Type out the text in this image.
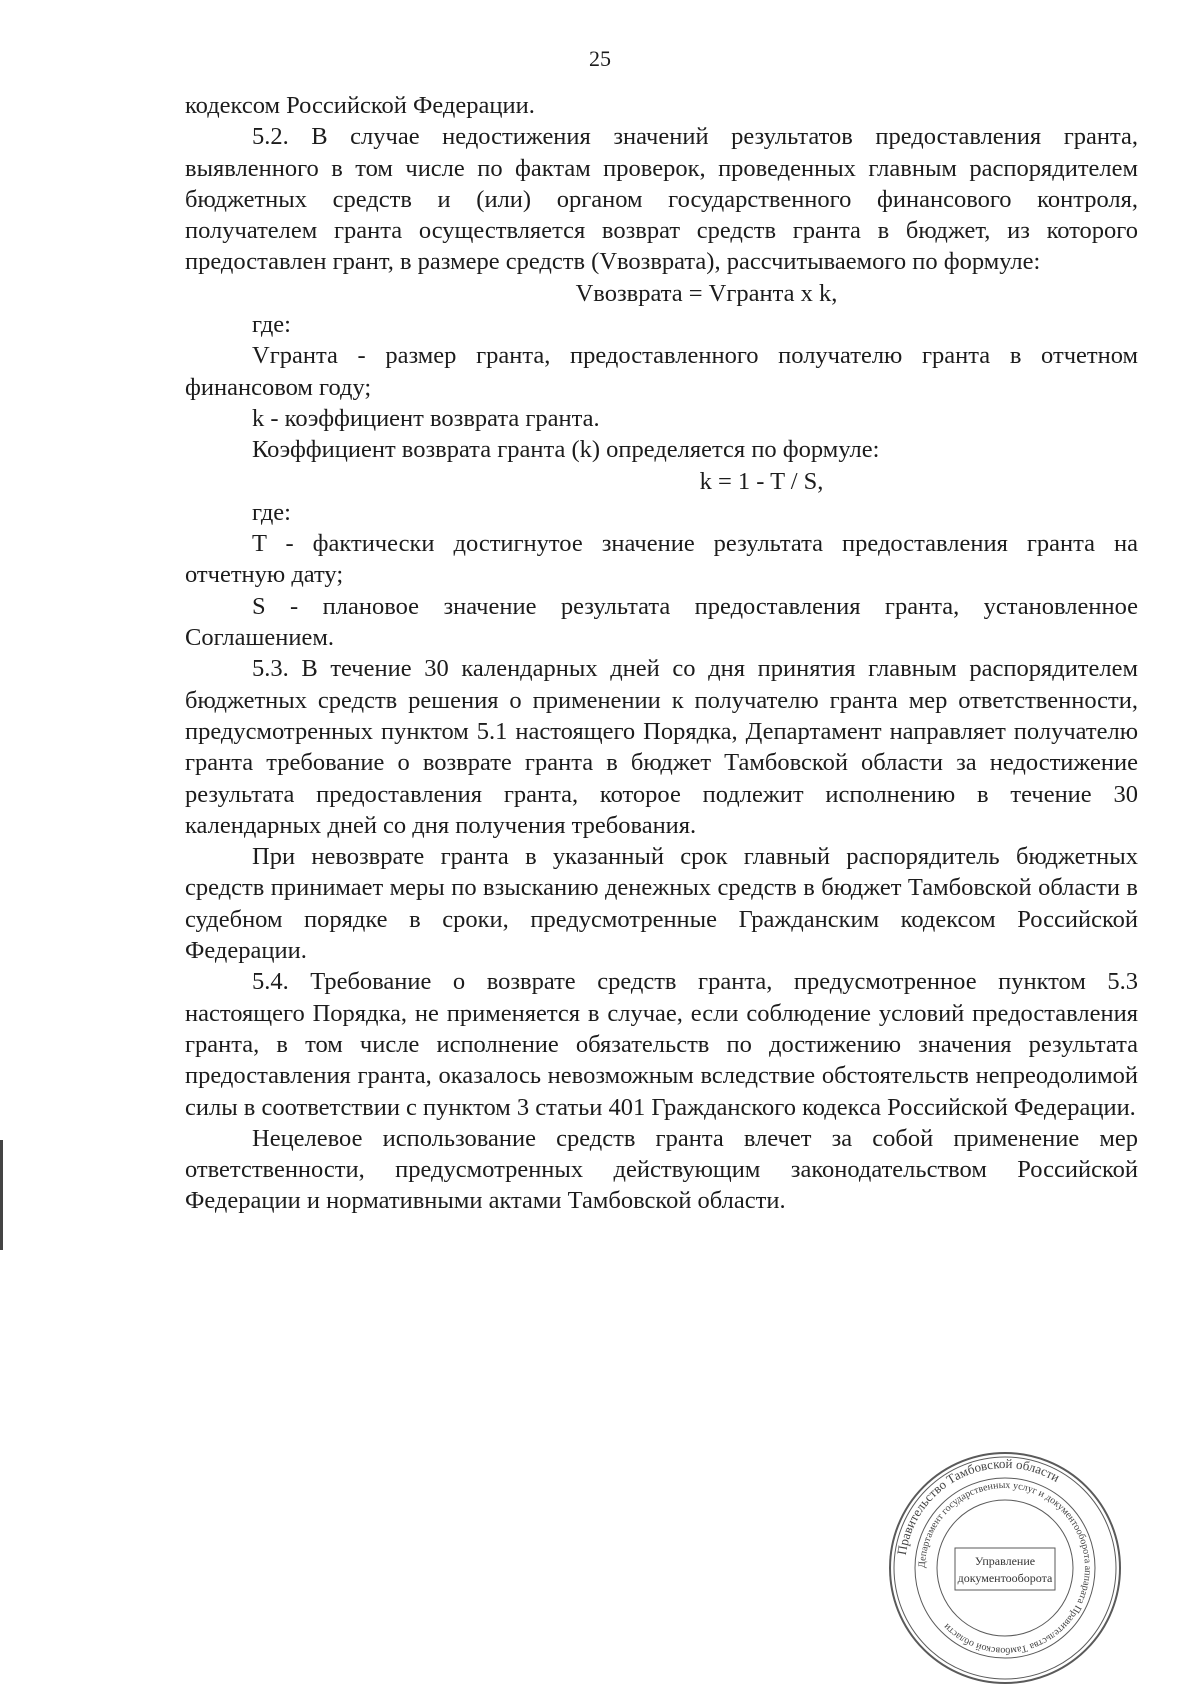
25

кодексом Российской Федерации.

5.2. В случае недостижения значений результатов предоставления гранта, выявленного в том числе по фактам проверок, проведенных главным распорядителем бюджетных средств и (или) органом государственного финансового контроля, получателем гранта осуществляется возврат средств гранта в бюджет, из которого предоставлен грант, в размере средств (Vвозврата), рассчитываемого по формуле:

Vвозврата = Vгранта x k,

где:

Vгранта - размер гранта, предоставленного получателю гранта в отчетном финансовом году;

k - коэффициент возврата гранта.

Коэффициент возврата гранта (k) определяется по формуле:

k = 1 - T / S,

где:

T - фактически достигнутое значение результата предоставления гранта на отчетную дату;

S - плановое значение результата предоставления гранта, установленное Соглашением.

5.3. В течение 30 календарных дней со дня принятия главным распорядителем бюджетных средств решения о применении к получателю гранта мер ответственности, предусмотренных пунктом 5.1 настоящего Порядка, Департамент направляет получателю гранта требование о возврате гранта в бюджет Тамбовской области за недостижение результата предоставления гранта, которое подлежит исполнению в течение 30 календарных дней со дня получения требования.

При невозврате гранта в указанный срок главный распорядитель бюджетных средств принимает меры по взысканию денежных средств в бюджет Тамбовской области в судебном порядке в сроки, предусмотренные Гражданским кодексом Российской Федерации.

5.4. Требование о возврате средств гранта, предусмотренное пунктом 5.3 настоящего Порядка, не применяется в случае, если соблюдение условий предоставления гранта, в том числе исполнение обязательств по достижению значения результата предоставления гранта, оказалось невозможным вследствие обстоятельств непреодолимой силы в соответствии с пунктом 3 статьи 401 Гражданского кодекса Российской Федерации.

Нецелевое использование средств гранта влечет за собой применение мер ответственности, предусмотренных действующим законодательством Российской Федерации и нормативными актами Тамбовской области.

Правительство Тамбовской области
Департамент государственных услуг и документооборота аппарата Правительства Тамбовской области
Управление
документооборота
